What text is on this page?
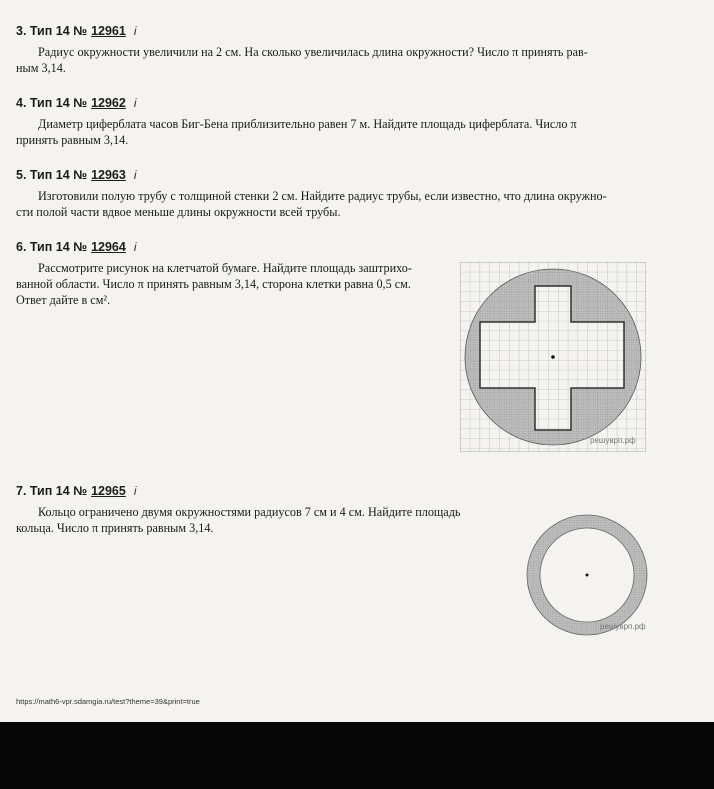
3. Тип 14 № 12961 i
Радиус окружности увеличили на 2 см. На сколько увеличилась длина окружности? Число π принять рав-
ным 3,14.
4. Тип 14 № 12962 i
Диаметр циферблата часов Биг-Бена приблизительно равен 7 м. Найдите площадь циферблата. Число π
принять равным 3,14.
5. Тип 14 № 12963 i
Изготовили полую трубу с толщиной стенки 2 см. Найдите радиус трубы, если известно, что длина окружно-
сти полой части вдвое меньше длины окружности всей трубы.
6. Тип 14 № 12964 i
Рассмотрите рисунок на клетчатой бумаге. Найдите площадь заштрихо-
ванной области. Число π принять равным 3,14, сторона клетки равна 0,5 см.
Ответ дайте в см².
решуврп.рф
7. Тип 14 № 12965 i
Кольцо ограничено двумя окружностями радиусов 7 см и 4 см. Найдите площадь
кольца. Число π принять равным 3,14.
решуврп.рф
https://math6-vpr.sdamgia.ru/test?theme=39&print=true
